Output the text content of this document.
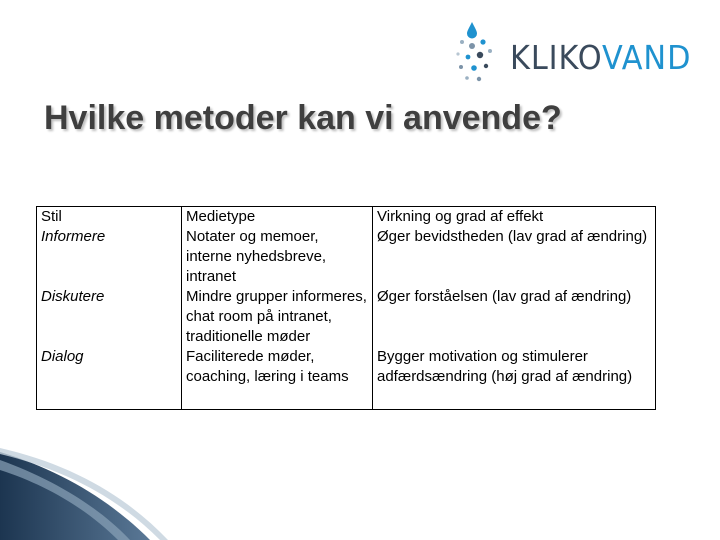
KLIKOVAND
Hvilke metoder kan vi anvende?
Stil	Medietype	Virkning og grad af effekt
Informere	Notater og memoer, interne nyhedsbreve, intranet	Øger bevidstheden (lav grad af ændring)
Diskutere	Mindre grupper informeres, chat room på intranet, traditionelle møder	Øger forståelsen (lav grad af ændring)
Dialog	Faciliterede møder, coaching, læring i teams	Bygger motivation og stimulerer adfærdsændring (høj grad af ændring)
